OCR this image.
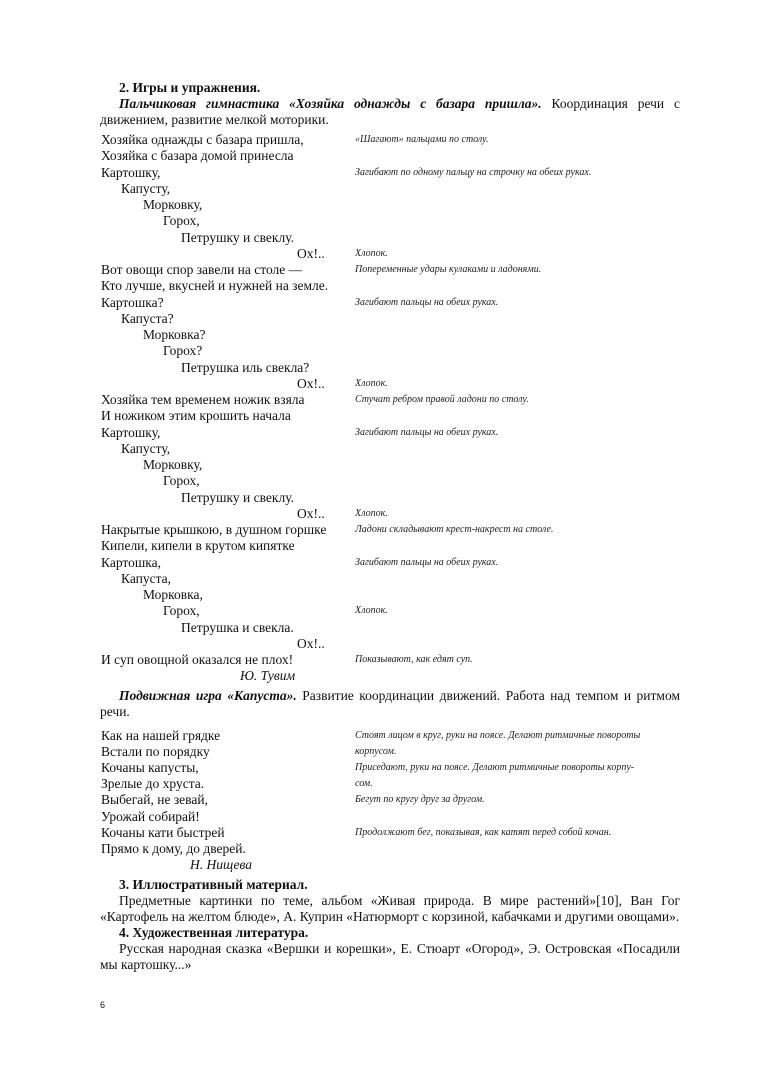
2. Игры и упражнения.
Пальчиковая гимнастика «Хозяйка однажды с базара пришла». Координация речи с движением, развитие мелкой моторики.
Хозяйка однажды с базара пришла,	«Шагают» пальцами по столу.
Хозяйка с базара домой принесла
Картошку,	Загибают по одному пальцу на строчку на обеих руках.
Капусту,
Морковку,
Горох,
Петрушку и свеклу.
Ох!..	Хлопок.
Вот овощи спор завели на столе —	Попеременные удары кулаками и ладонями.
Кто лучше, вкусней и нужней на земле.
Картошка?	Загибают пальцы на обеих руках.
Капуста?
Морковка?
Горох?
Петрушка иль свекла?
Ох!..	Хлопок.
Хозяйка тем временем ножик взяла	Стучат ребром правой ладони по столу.
И ножиком этим крошить начала
Картошку,	Загибают пальцы на обеих руках.
Капусту,
Морковку,
Горох,
Петрушку и свеклу.
Ох!..	Хлопок.
Накрытые крышкою, в душном горшке	Ладони складывают крест-накрест на столе.
Кипели, кипели в крутом кипятке
Картошка,	Загибают пальцы на обеих руках.
Капуста,
Морковка,
Горох,	Хлопок.
Петрушка и свекла.
Ох!..
И суп овощной оказался не плох!	Показывают, как едят суп.
Ю. Тувим
Подвижная игра «Капуста». Развитие координации движений. Работа над темпом и ритмом речи.
Как на нашей грядке	Стоят лицом в круг, руки на поясе. Делают ритмичные повороты
Встали по порядку	корпусом.
Кочаны капусты,	Приседают, руки на поясе. Делают ритмичные повороты корпу-
Зрелые до хруста.	сом.
Выбегай, не зевай,	Бегут по кругу друг за другом.
Урожай собирай!
Кочаны кати быстрей	Продолжают бег, показывая, как катят перед собой кочан.
Прямо к дому, до дверей.
Н. Нищева
3. Иллюстративный материал.
Предметные картинки по теме, альбом «Живая природа. В мире растений»[10], Ван Гог «Картофель на желтом блюде», А. Куприн «Натюрморт с корзиной, кабачками и другими овощами».
4. Художественная литература.
Русская народная сказка «Вершки и корешки», Е. Стюарт «Огород», Э. Островская «Посадили мы картошку...»
6
